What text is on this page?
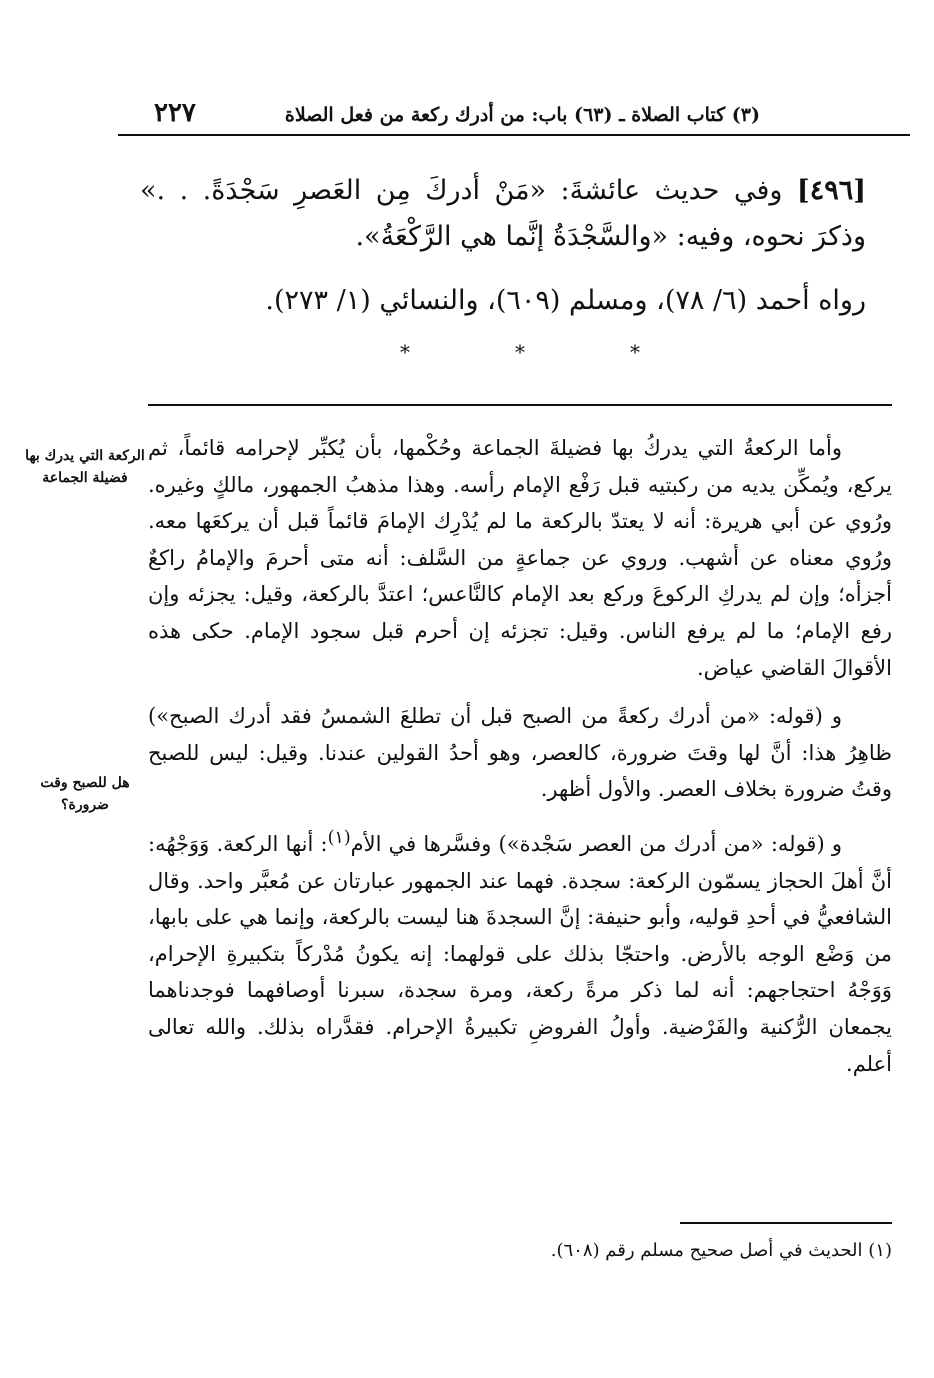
(٣) كتاب الصلاة ـ (٦٣) باب: من أدرك ركعة من فعل الصلاة
٢٢٧

[٤٩٦] وفي حديث عائشةَ: «مَنْ أدركَ مِن العَصرِ سَجْدَةً. . .» وذكرَ نحوه، وفيه: «والسَّجْدَةُ إنَّما هي الرَّكْعَةُ».

رواه أحمد (٦/ ٧٨)، ومسلم (٦٠٩)، والنسائي (١/ ٢٧٣).

*	*	*
الركعة التي يدرك بها فضيلة الجماعة
هل للصبح وقت ضرورة؟

وأما الركعةُ التي يدركُ بها فضيلةَ الجماعة وحُكْمها، بأن يُكبِّر لإحرامه قائماً، ثم يركع، ويُمكِّن يديه من ركبتيه قبل رَفْع الإمام رأسه. وهذا مذهبُ الجمهور، مالكٍ وغيره. ورُوي عن أبي هريرة: أنه لا يعتدّ بالركعة ما لم يُدْرِك الإمامَ قائماً قبل أن يركعَها معه. ورُوي معناه عن أشهب. وروي عن جماعةٍ من السَّلف: أنه متى أحرمَ والإمامُ راكعٌ أجزأه؛ وإن لم يدركِ الركوعَ وركع بعد الإمام كالنَّاعس؛ اعتدَّ بالركعة، وقيل: يجزئه وإن رفع الإمام؛ ما لم يرفع الناس. وقيل: تجزئه إن أحرم قبل سجود الإمام. حكى هذه الأقوالَ القاضي عياض.

و (قوله: «من أدرك ركعةً من الصبح قبل أن تطلعَ الشمسُ فقد أدرك الصبح») ظاهِرُ هذا: أنَّ لها وقتَ ضرورة، كالعصر، وهو أحدُ القولين عندنا. وقيل: ليس للصبح وقتُ ضرورة بخلاف العصر. والأول أظهر.

و (قوله: «من أدرك من العصر سَجْدة») وفسَّرها في الأم$^{(١)}$: أنها الركعة. وَوَجْهُه: أنَّ أهلَ الحجاز يسمّون الركعة: سجدة. فهما عند الجمهور عبارتان عن مُعبَّر واحد. وقال الشافعيُّ في أحدِ قوليه، وأبو حنيفة: إنَّ السجدةَ هنا ليست بالركعة، وإنما هي على بابها، من وَضْع الوجه بالأرض. واحتجّا بذلك على قولهما: إنه يكونُ مُدْركاً بتكبيرةِ الإحرام، وَوَجْهُ احتجاجهم: أنه لما ذكر مرةً ركعة، ومرة سجدة، سبرنا أوصافهما فوجدناهما يجمعان الرُّكنية والفَرْضية. وأولُ الفروضِ تكبيرةُ الإحرام. فقدَّراه بذلك. والله تعالى أعلم.

(١) الحديث في أصل صحيح مسلم رقم (٦٠٨).
